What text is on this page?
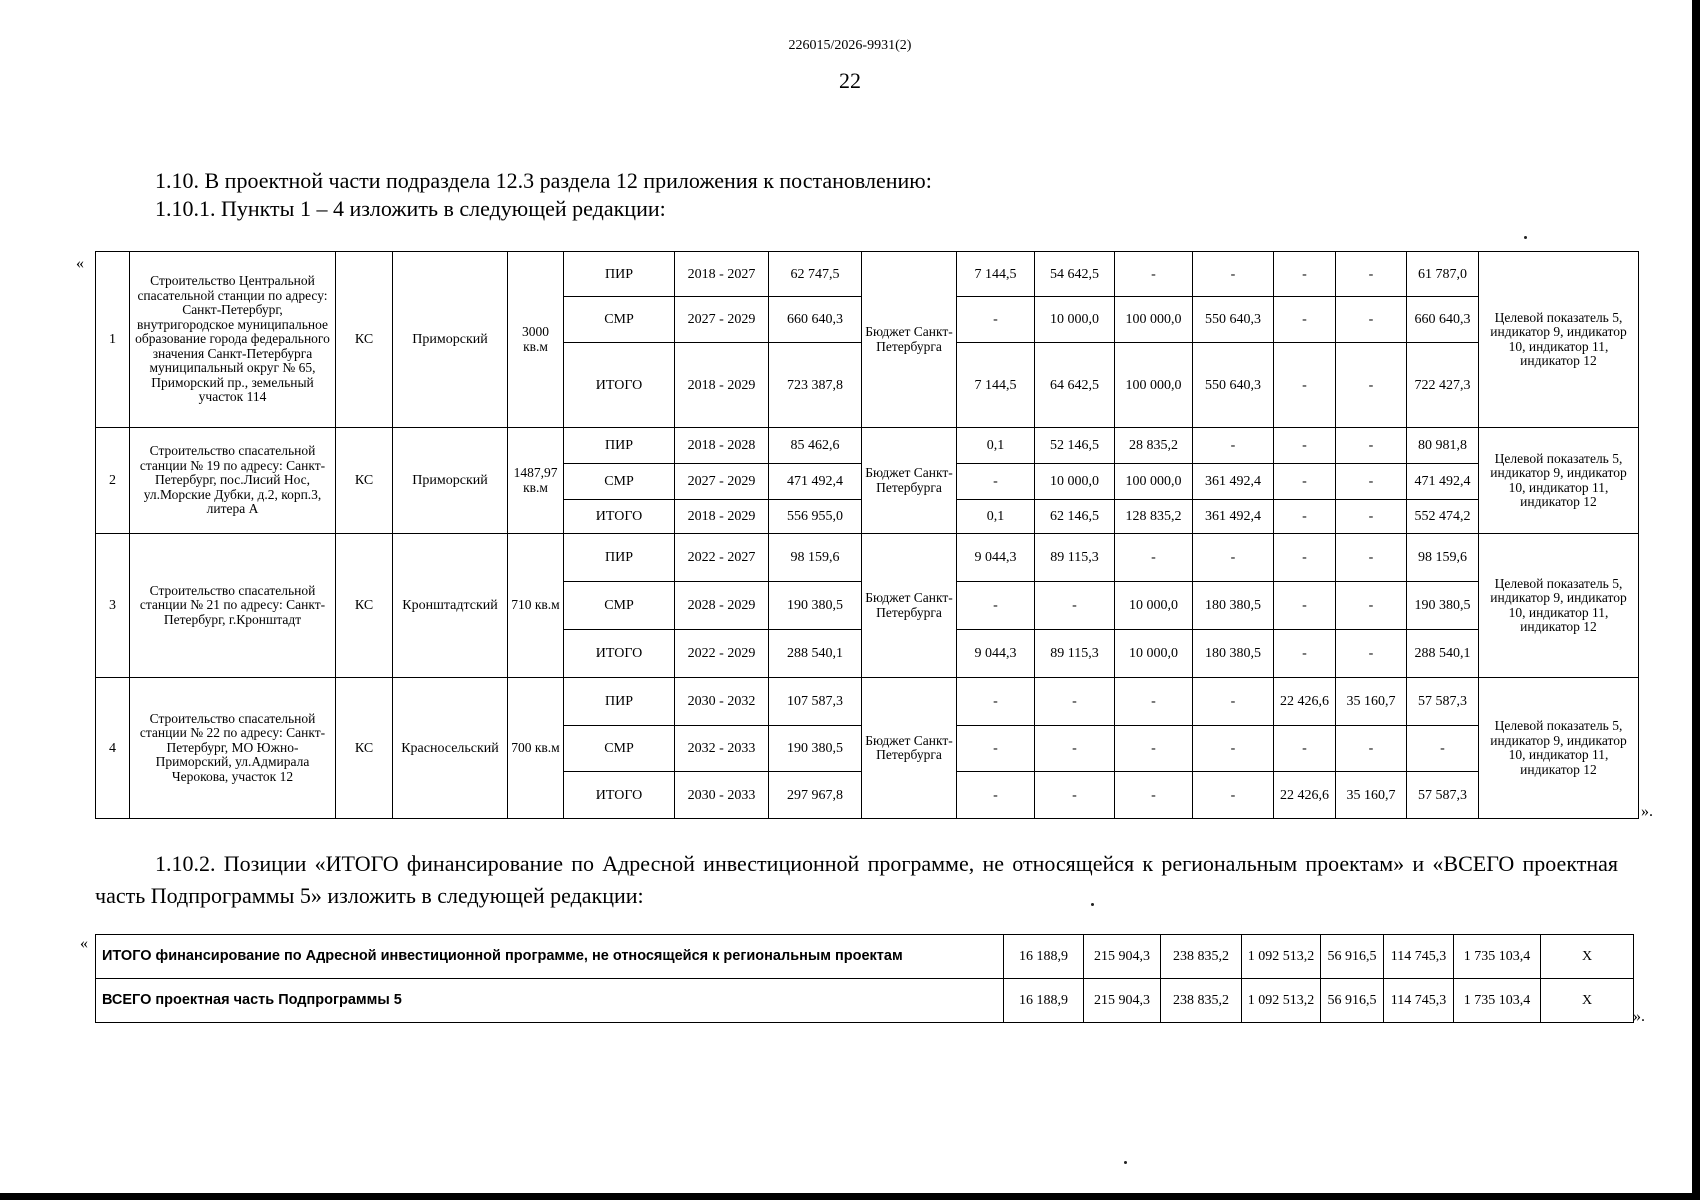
226015/2026-9931(2)
22
1.10. В проектной части подраздела 12.3 раздела 12 приложения к постановлению:
1.10.1. Пункты 1 – 4 изложить в следующей редакции:
«
».
1	Строительство Центральной спасательной станции по адресу: Санкт-Петербург, внутригородское муниципальное образование города федерального значения Санкт-Петербурга муниципальный округ № 65, Приморский пр., земельный участок 114	КС	Приморский	3000 кв.м	ПИР	2018 - 2027	62 747,5	Бюджет Санкт-Петербурга	7 144,5	54 642,5	-	-	-	-	61 787,0	Целевой показатель 5, индикатор 9, индикатор 10, индикатор 11, индикатор 12
					СМР	2027 - 2029	660 640,3		-	10 000,0	100 000,0	550 640,3	-	-	660 640,3	
					ИТОГО	2018 - 2029	723 387,8		7 144,5	64 642,5	100 000,0	550 640,3	-	-	722 427,3	
2	Строительство спасательной станции № 19 по адресу: Санкт-Петербург, пос.Лисий Нос, ул.Морские Дубки, д.2, корп.3, литера А	КС	Приморский	1487,97 кв.м	ПИР	2018 - 2028	85 462,6	Бюджет Санкт-Петербурга	0,1	52 146,5	28 835,2	-	-	-	80 981,8	Целевой показатель 5, индикатор 9, индикатор 10, индикатор 11, индикатор 12
					СМР	2027 - 2029	471 492,4		-	10 000,0	100 000,0	361 492,4	-	-	471 492,4	
					ИТОГО	2018 - 2029	556 955,0		0,1	62 146,5	128 835,2	361 492,4	-	-	552 474,2	
3	Строительство спасательной станции № 21 по адресу: Санкт-Петербург, г.Кронштадт	КС	Кронштадтский	710 кв.м	ПИР	2022 - 2027	98 159,6	Бюджет Санкт-Петербурга	9 044,3	89 115,3	-	-	-	-	98 159,6	Целевой показатель 5, индикатор 9, индикатор 10, индикатор 11, индикатор 12
					СМР	2028 - 2029	190 380,5		-	-	10 000,0	180 380,5	-	-	190 380,5	
					ИТОГО	2022 - 2029	288 540,1		9 044,3	89 115,3	10 000,0	180 380,5	-	-	288 540,1	
4	Строительство спасательной станции № 22 по адресу: Санкт-Петербург, МО Южно-Приморский, ул.Адмирала Черокова, участок 12	КС	Красносельский	700 кв.м	ПИР	2030 - 2032	107 587,3	Бюджет Санкт-Петербурга	-	-	-	-	22 426,6	35 160,7	57 587,3	Целевой показатель 5, индикатор 9, индикатор 10, индикатор 11, индикатор 12
					СМР	2032 - 2033	190 380,5		-	-	-	-	-	-	-	
					ИТОГО	2030 - 2033	297 967,8		-	-	-	-	22 426,6	35 160,7	57 587,3	
1.10.2. Позиции «ИТОГО финансирование по Адресной инвестиционной программе, не относящейся к региональным проектам» и «ВСЕГО проектная часть Подпрограммы 5» изложить в следующей редакции:
«
».
ИТОГО финансирование по Адресной инвестиционной программе, не относящейся к региональным проектам	16 188,9	215 904,3	238 835,2	1 092 513,2	56 916,5	114 745,3	1 735 103,4	Х
ВСЕГО проектная часть Подпрограммы 5	16 188,9	215 904,3	238 835,2	1 092 513,2	56 916,5	114 745,3	1 735 103,4	Х
